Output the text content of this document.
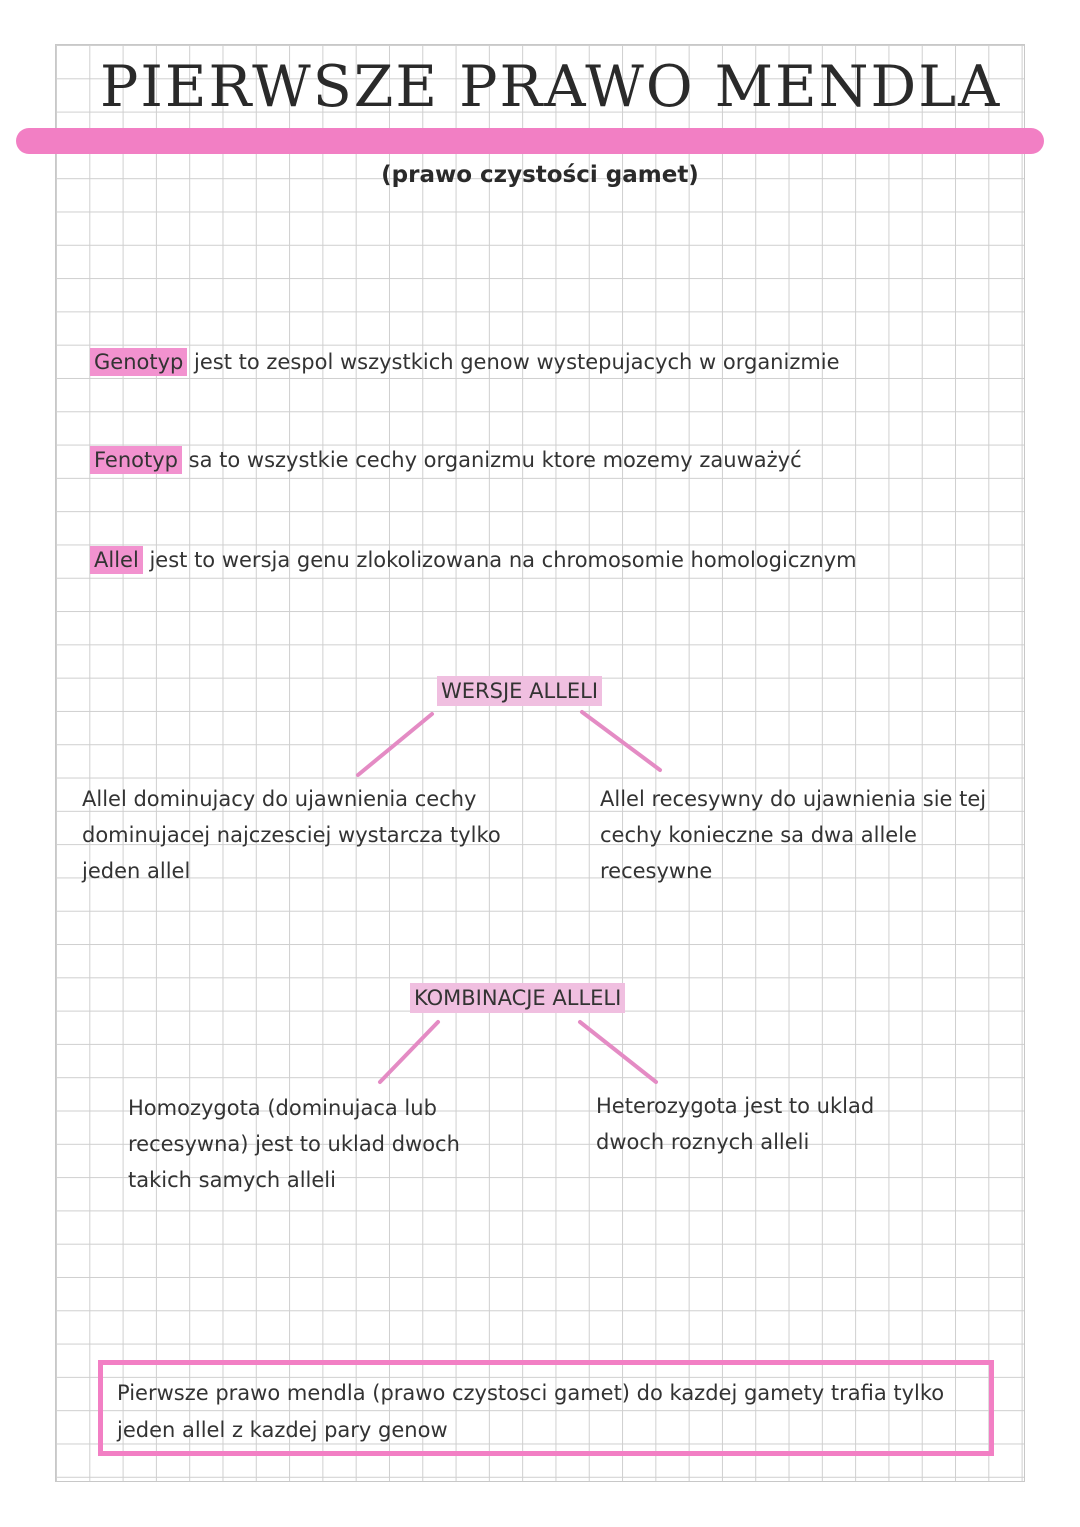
PIERWSZE PRAWO MENDLA
(prawo czystości gamet)
Genotyp jest to zespol wszystkich genow wystepujacych w organizmie
Fenotyp sa to wszystkie cechy organizmu ktore mozemy zauważyć
Allel jest to wersja genu zlokolizowana na chromosomie homologicznym
WERSJE ALLELI
Allel dominujacy do ujawnienia cechy dominujacej najczesciej wystarcza tylko jeden allel
Allel recesywny do ujawnienia sie tej cechy konieczne sa dwa allele recesywne
KOMBINACJE ALLELI
Homozygota (dominujaca lub recesywna) jest to uklad dwoch takich samych alleli
Heterozygota jest to uklad dwoch roznych alleli
Pierwsze prawo mendla (prawo czystosci gamet) do kazdej gamety trafia tylko jeden allel z kazdej pary genow
